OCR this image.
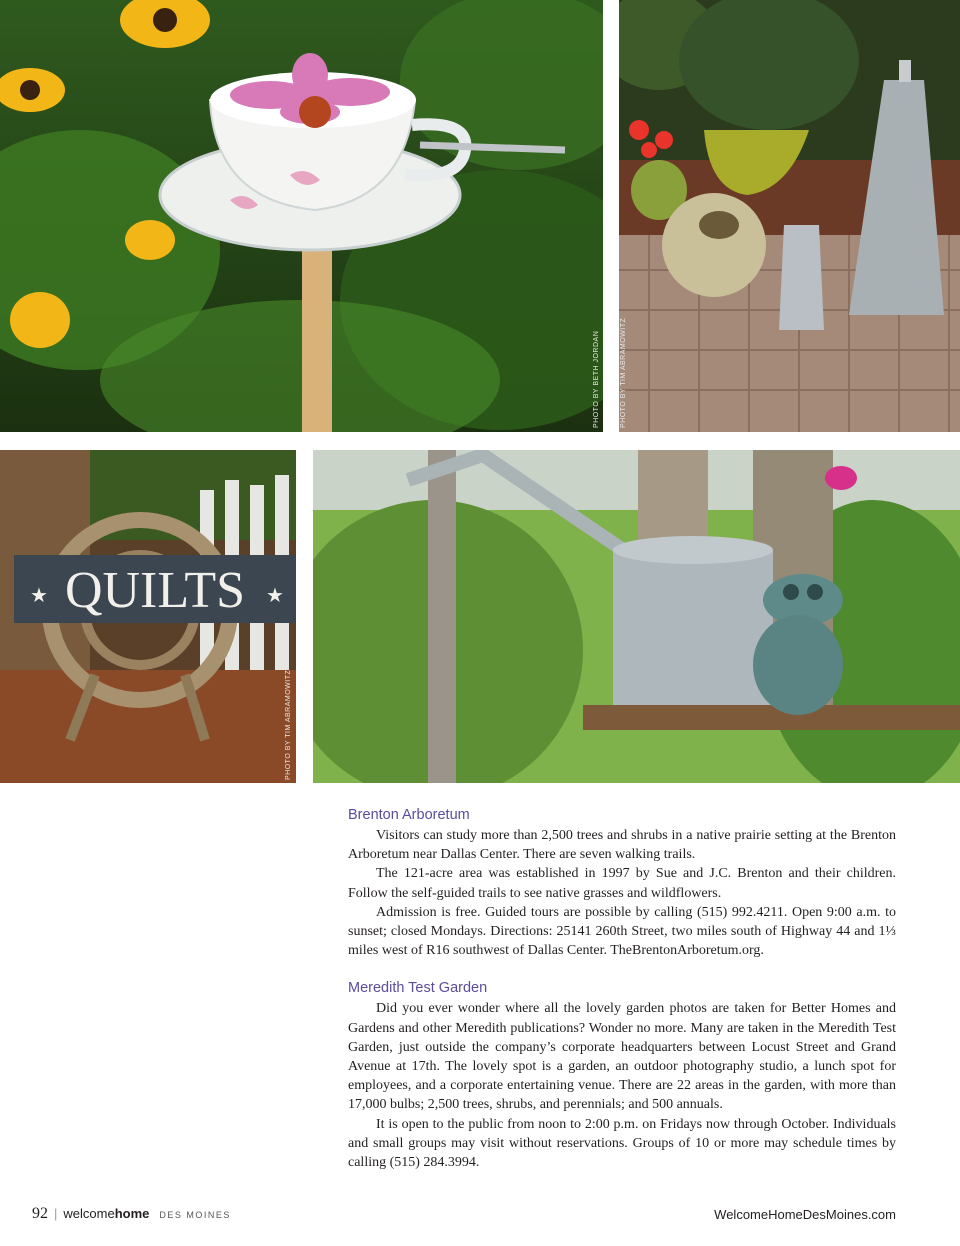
PHOTO BY BETH JORDAN	PHOTO BY TIM ABRAMOWITZ
QUILTS
★	★
PHOTO BY TIM ABRAMOWITZ
Brenton Arboretum

Visitors can study more than 2,500 trees and shrubs in a native prairie setting at the Brenton Arboretum near Dallas Center. There are seven walking trails.

The 121-acre area was established in 1997 by Sue and J.C. Brenton and their children. Follow the self-guided trails to see native grasses and wildflowers.

Admission is free. Guided tours are possible by calling (515) 992.4211. Open 9:00 a.m. to sunset; closed Mondays. Directions: 25141 260th Street, two miles south of Highway 44 and 1⅓ miles west of R16 southwest of Dallas Center. TheBrentonArboretum.org.

Meredith Test Garden

Did you ever wonder where all the lovely garden photos are taken for Better Homes and Gardens and other Meredith publications? Wonder no more. Many are taken in the Meredith Test Garden, just outside the company’s corporate headquarters between Locust Street and Grand Avenue at 17th. The lovely spot is a garden, an outdoor photography studio, a lunch spot for employees, and a corporate entertaining venue. There are 22 areas in the garden, with more than 17,000 bulbs; 2,500 trees, shrubs, and perennials; and 500 annuals.

It is open to the public from noon to 2:00 p.m. on Fridays now through October. Individuals and small groups may visit without reservations. Groups of 10 or more may schedule times by calling (515) 284.3994.

92 | welcomehome DES MOINES	WelcomeHomeDesMoines.com
